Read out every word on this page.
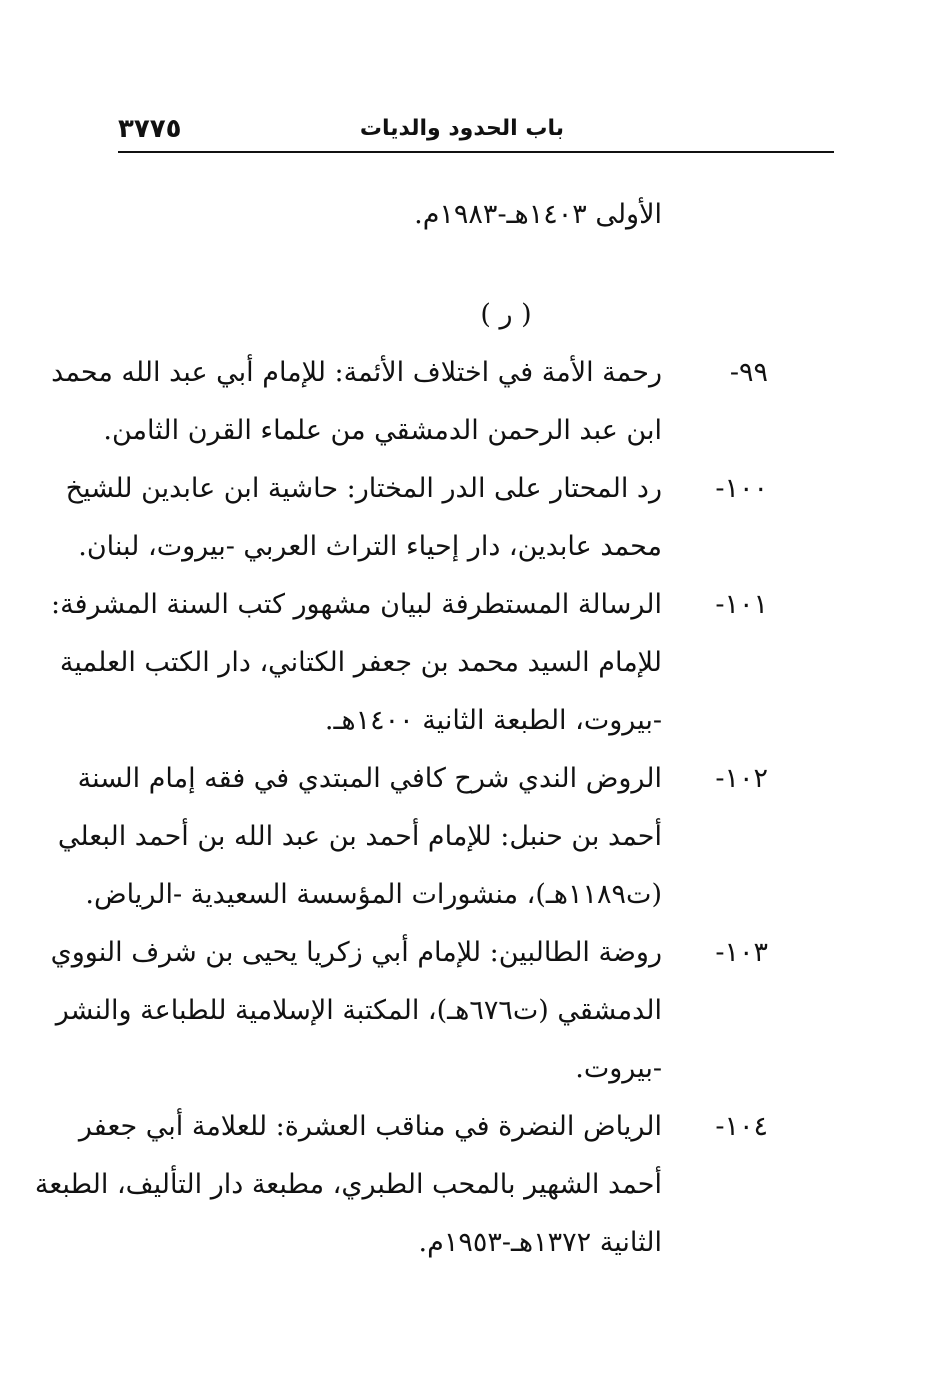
باب الحدود والديات
٣٧٧٥
الأولى ١٤٠٣هـ-١٩٨٣م.
( ر )
٩٩-
رحمة الأمة في اختلاف الأئمة: للإمام أبي عبد الله محمد
ابن عبد الرحمن الدمشقي من علماء القرن الثامن.
١٠٠-
رد المحتار على الدر المختار: حاشية ابن عابدين للشيخ
محمد عابدين، دار إحياء التراث العربي -بيروت، لبنان.
١٠١-
الرسالة المستطرفة لبيان مشهور كتب السنة المشرفة:
للإمام السيد محمد بن جعفر الكتاني، دار الكتب العلمية
-بيروت، الطبعة الثانية ١٤٠٠هـ.
١٠٢-
الروض الندي شرح كافي المبتدي في فقه إمام السنة
أحمد بن حنبل: للإمام أحمد بن عبد الله بن أحمد البعلي
(ت١١٨٩هـ)، منشورات المؤسسة السعيدية -الرياض.
١٠٣-
روضة الطالبين: للإمام أبي زكريا يحيى بن شرف النووي
الدمشقي (ت٦٧٦هـ)، المكتبة الإسلامية للطباعة والنشر
-بيروت.
١٠٤-
الرياض النضرة في مناقب العشرة: للعلامة أبي جعفر
أحمد الشهير بالمحب الطبري، مطبعة دار التأليف، الطبعة
الثانية ١٣٧٢هـ-١٩٥٣م.
